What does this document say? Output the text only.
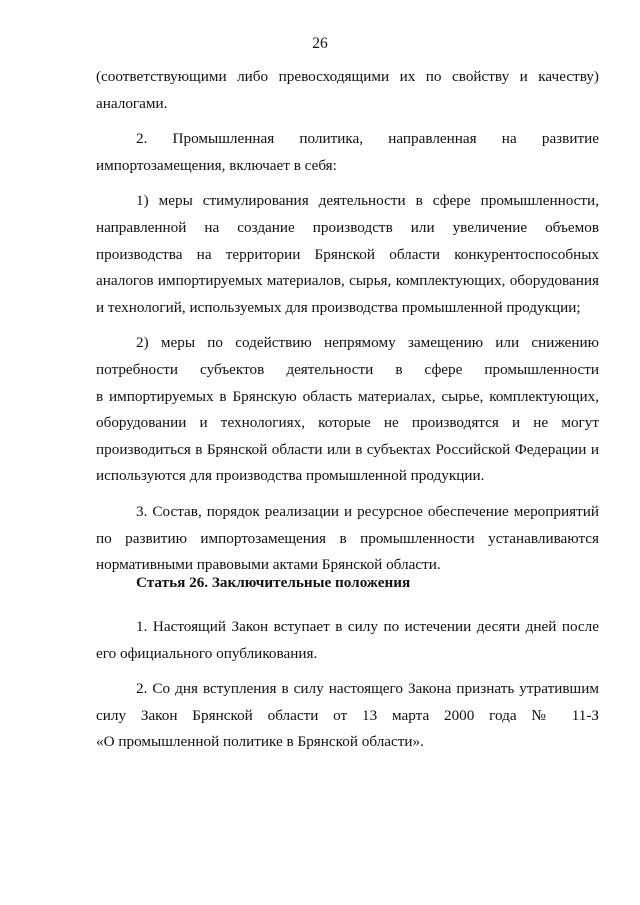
26

(соответствующими либо превосходящими их по свойству и качеству)
аналогами.

2. Промышленная политика, направленная на развитие
импортозамещения, включает в себя:

1) меры стимулирования деятельности в сфере промышленности,
направленной на создание производств или увеличение объемов
производства на территории Брянской области конкурентоспособных
аналогов импортируемых материалов, сырья, комплектующих, оборудования
и технологий, используемых для производства промышленной продукции;

2) меры по содействию непрямому замещению или снижению
потребности субъектов деятельности в сфере промышленности
в импортируемых в Брянскую область материалах, сырье, комплектующих,
оборудовании и технологиях, которые не производятся и не могут
производиться в Брянской области или в субъектах Российской Федерации и
используются для производства промышленной продукции.

3. Состав, порядок реализации и ресурсное обеспечение мероприятий
по развитию импортозамещения в промышленности устанавливаются
нормативными правовыми актами Брянской области.

Статья 26. Заключительные положения

1. Настоящий Закон вступает в силу по истечении десяти дней после
его официального опубликования.

2. Со дня вступления в силу настоящего Закона признать утратившим
силу Закон Брянской области от 13 марта 2000 года № 11-З
«О промышленной политике в Брянской области».
